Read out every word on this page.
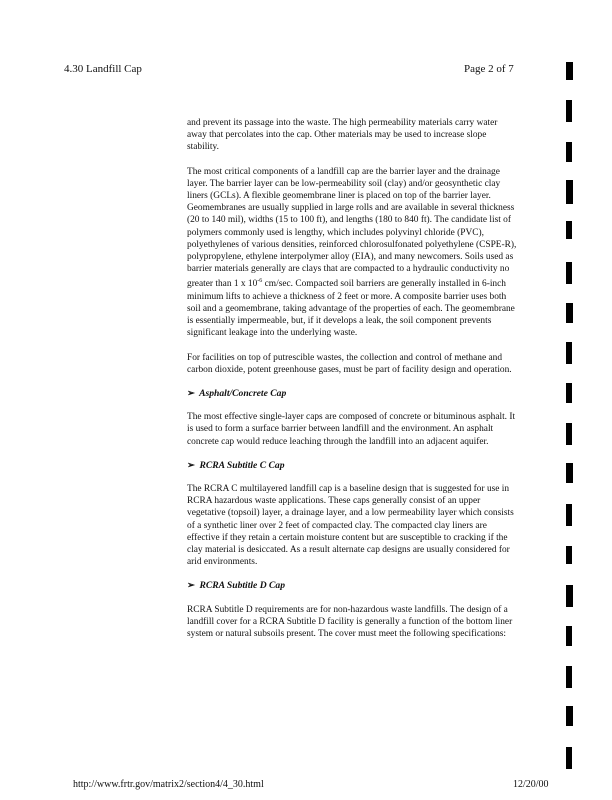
4.30 Landfill Cap	Page 2 of 7

and prevent its passage into the waste. The high permeability materials carry water away that percolates into the cap. Other materials may be used to increase slope stability.

The most critical components of a landfill cap are the barrier layer and the drainage layer. The barrier layer can be low-permeability soil (clay) and/or geosynthetic clay liners (GCLs). A flexible geomembrane liner is placed on top of the barrier layer. Geomembranes are usually supplied in large rolls and are available in several thickness (20 to 140 mil), widths (15 to 100 ft), and lengths (180 to 840 ft). The candidate list of polymers commonly used is lengthy, which includes polyvinyl chloride (PVC), polyethylenes of various densities, reinforced chlorosulfonated polyethylene (CSPE-R), polypropylene, ethylene interpolymer alloy (EIA), and many newcomers. Soils used as barrier materials generally are clays that are compacted to a hydraulic conductivity no greater than 1 x $10^{-6}$ cm/sec. Compacted soil barriers are generally installed in 6-inch minimum lifts to achieve a thickness of 2 feet or more. A composite barrier uses both soil and a geomembrane, taking advantage of the properties of each. The geomembrane is essentially impermeable, but, if it develops a leak, the soil component prevents significant leakage into the underlying waste.

For facilities on top of putrescible wastes, the collection and control of methane and carbon dioxide, potent greenhouse gases, must be part of facility design and operation.

➢ Asphalt/Concrete Cap

The most effective single-layer caps are composed of concrete or bituminous asphalt. It is used to form a surface barrier between landfill and the environment. An asphalt concrete cap would reduce leaching through the landfill into an adjacent aquifer.

➢ RCRA Subtitle C Cap

The RCRA C multilayered landfill cap is a baseline design that is suggested for use in RCRA hazardous waste applications. These caps generally consist of an upper vegetative (topsoil) layer, a drainage layer, and a low permeability layer which consists of a synthetic liner over 2 feet of compacted clay. The compacted clay liners are effective if they retain a certain moisture content but are susceptible to cracking if the clay material is desiccated. As a result alternate cap designs are usually considered for arid environments.

➢ RCRA Subtitle D Cap

RCRA Subtitle D requirements are for non-hazardous waste landfills. The design of a landfill cover for a RCRA Subtitle D facility is generally a function of the bottom liner system or natural subsoils present. The cover must meet the following specifications:

http://www.frtr.gov/matrix2/section4/4_30.html	12/20/00
